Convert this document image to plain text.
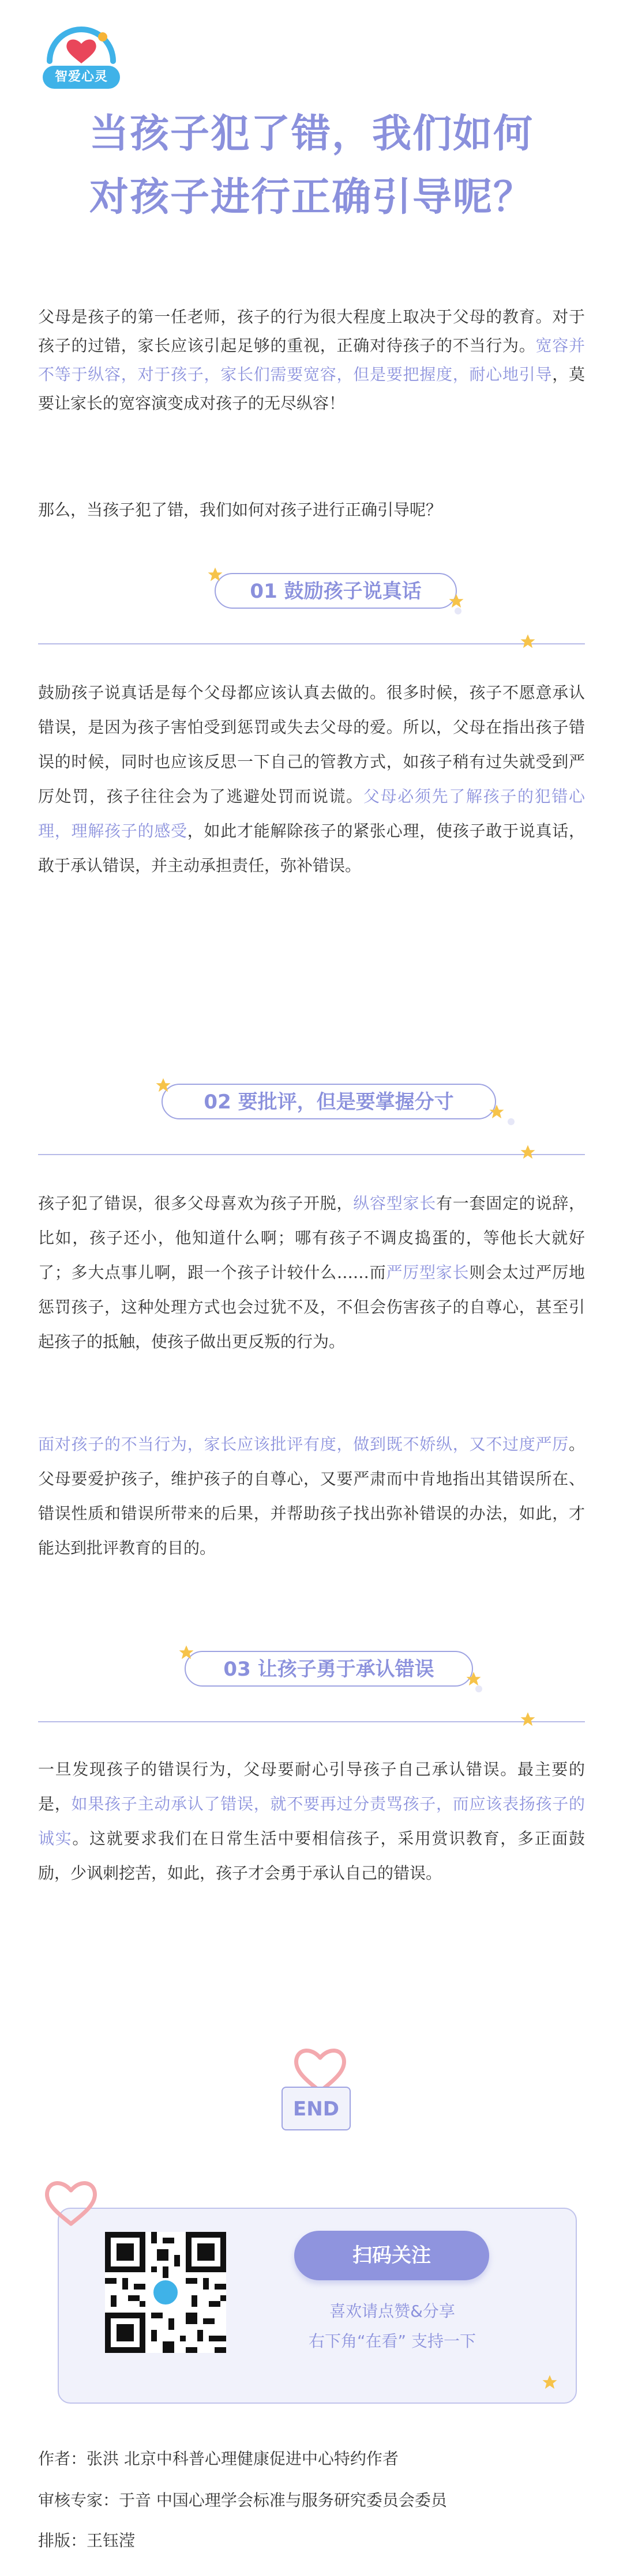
智爱心灵
当孩子犯了错，我们如何
对孩子进行正确引导呢？
父母是孩子的第一任老师，孩子的行为很大程度上取决于父母的教育。对于孩子的过错，家长应该引起足够的重视，正确对待孩子的不当行为。宽容并不等于纵容，对于孩子，家长们需要宽容，但是要把握度，耐心地引导，莫要让家长的宽容演变成对孩子的无尽纵容！
那么，当孩子犯了错，我们如何对孩子进行正确引导呢？
01 鼓励孩子说真话
鼓励孩子说真话是每个父母都应该认真去做的。很多时候，孩子不愿意承认错误，是因为孩子害怕受到惩罚或失去父母的爱。所以，父母在指出孩子错误的时候，同时也应该反思一下自己的管教方式，如孩子稍有过失就受到严厉处罚，孩子往往会为了逃避处罚而说谎。父母必须先了解孩子的犯错心理，理解孩子的感受，如此才能解除孩子的紧张心理，使孩子敢于说真话，敢于承认错误，并主动承担责任，弥补错误。
02 要批评，但是要掌握分寸
孩子犯了错误，很多父母喜欢为孩子开脱，纵容型家长有一套固定的说辞，比如，孩子还小，他知道什么啊；哪有孩子不调皮捣蛋的，等他长大就好了；多大点事儿啊，跟一个孩子计较什么……而严厉型家长则会太过严厉地惩罚孩子，这种处理方式也会过犹不及，不但会伤害孩子的自尊心，甚至引起孩子的抵触，使孩子做出更反叛的行为。
面对孩子的不当行为，家长应该批评有度，做到既不娇纵，又不过度严厉。父母要爱护孩子，维护孩子的自尊心，又要严肃而中肯地指出其错误所在、错误性质和错误所带来的后果，并帮助孩子找出弥补错误的办法，如此，才能达到批评教育的目的。
03 让孩子勇于承认错误
一旦发现孩子的错误行为，父母要耐心引导孩子自己承认错误。最主要的是，如果孩子主动承认了错误，就不要再过分责骂孩子，而应该表扬孩子的诚实。这就要求我们在日常生活中要相信孩子，采用赏识教育，多正面鼓励，少讽刺挖苦，如此，孩子才会勇于承认自己的错误。
END
扫码关注
喜欢请点赞&分享
右下角“在看” 支持一下
作者：张洪 北京中科普心理健康促进中心特约作者
审核专家：于音 中国心理学会标准与服务研究委员会委员
排版：王钰滢
